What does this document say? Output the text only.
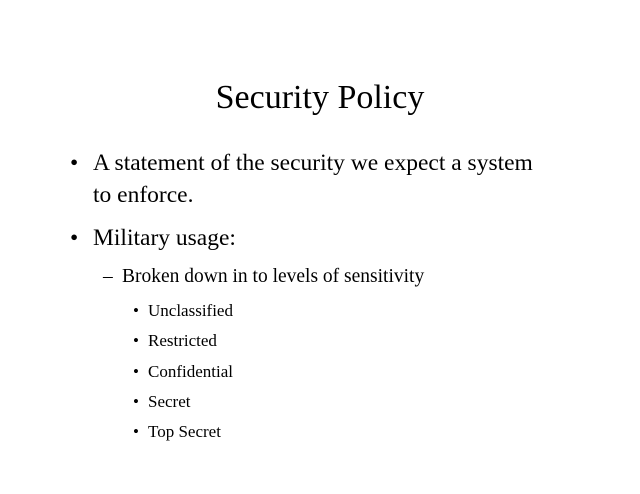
Security Policy
• A statement of the security we expect a system to enforce.
• Military usage:
– Broken down in to levels of sensitivity
• Unclassified
• Restricted
• Confidential
• Secret
• Top Secret
